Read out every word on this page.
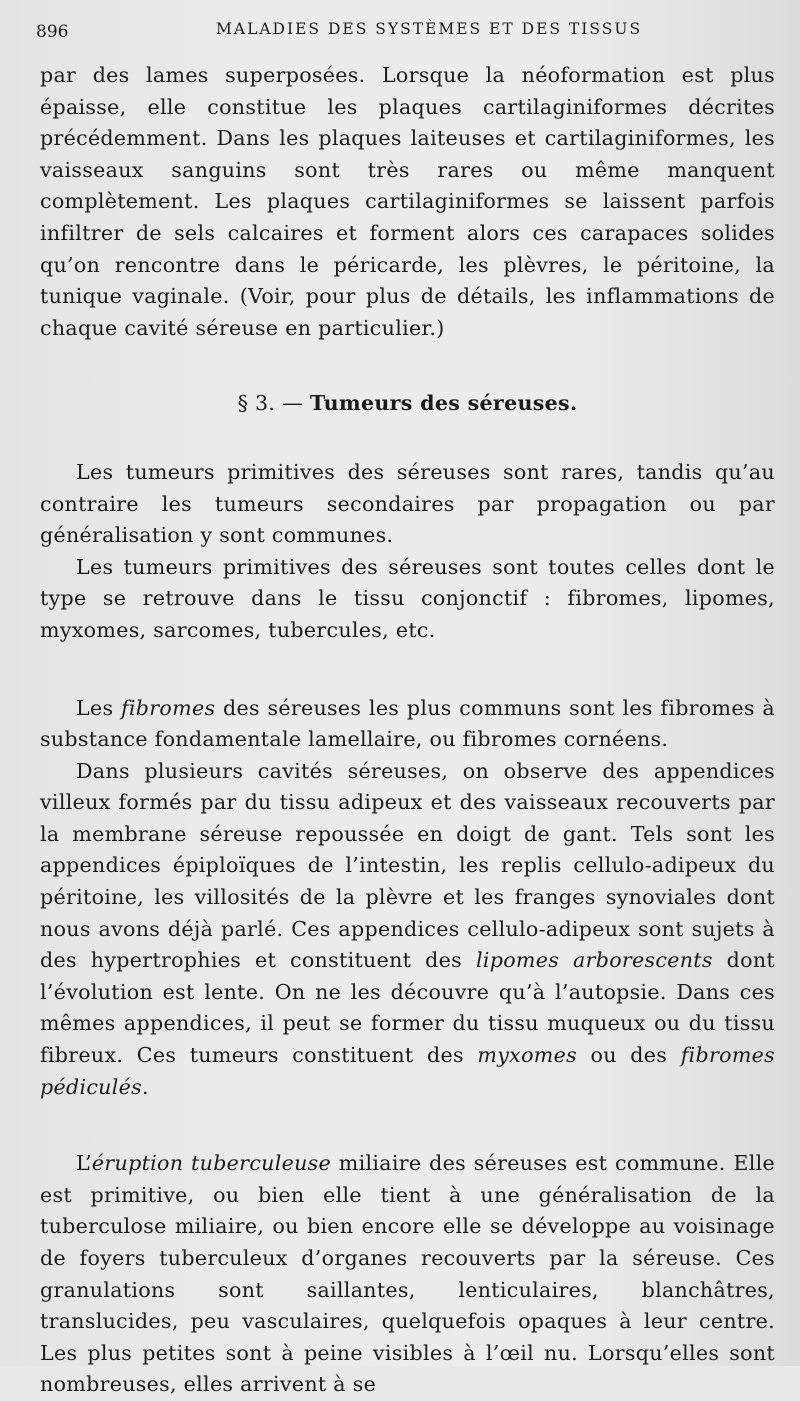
896	MALADIES DES SYSTÈMES ET DES TISSUS

par des lames superposées. Lorsque la néoformation est plus épaisse, elle constitue les plaques cartilaginiformes décrites précédemment. Dans les plaques laiteuses et cartilaginiformes, les vaisseaux sanguins sont très rares ou même manquent complètement. Les plaques cartilaginiformes se laissent parfois infiltrer de sels calcaires et forment alors ces carapaces solides qu’on rencontre dans le péricarde, les plèvres, le péritoine, la tunique vaginale. (Voir, pour plus de détails, les inflammations de chaque cavité séreuse en particulier.)

§ 3. — Tumeurs des séreuses.

Les tumeurs primitives des séreuses sont rares, tandis qu’au contraire les tumeurs secondaires par propagation ou par généralisation y sont communes.

Les tumeurs primitives des séreuses sont toutes celles dont le type se retrouve dans le tissu conjonctif : fibromes, lipomes, myxomes, sarcomes, tubercules, etc.

Les fibromes des séreuses les plus communs sont les fibromes à substance fondamentale lamellaire, ou fibromes cornéens.

Dans plusieurs cavités séreuses, on observe des appendices villeux formés par du tissu adipeux et des vaisseaux recouverts par la membrane séreuse repoussée en doigt de gant. Tels sont les appendices épiploïques de l’intestin, les replis cellulo-adipeux du péritoine, les villosités de la plèvre et les franges synoviales dont nous avons déjà parlé. Ces appendices cellulo-adipeux sont sujets à des hypertrophies et constituent des lipomes arborescents dont l’évolution est lente. On ne les découvre qu’à l’autopsie. Dans ces mêmes appendices, il peut se former du tissu muqueux ou du tissu fibreux. Ces tumeurs constituent des myxomes ou des fibromes pédiculés.

L’éruption tuberculeuse miliaire des séreuses est commune. Elle est primitive, ou bien elle tient à une généralisation de la tuberculose miliaire, ou bien encore elle se développe au voisinage de foyers tuberculeux d’organes recouverts par la séreuse. Ces granulations sont saillantes, lenticulaires, blanchâtres, translucides, peu vasculaires, quelquefois opaques à leur centre. Les plus petites sont à peine visibles à l’œil nu. Lorsqu’elles sont nombreuses, elles arrivent à se
